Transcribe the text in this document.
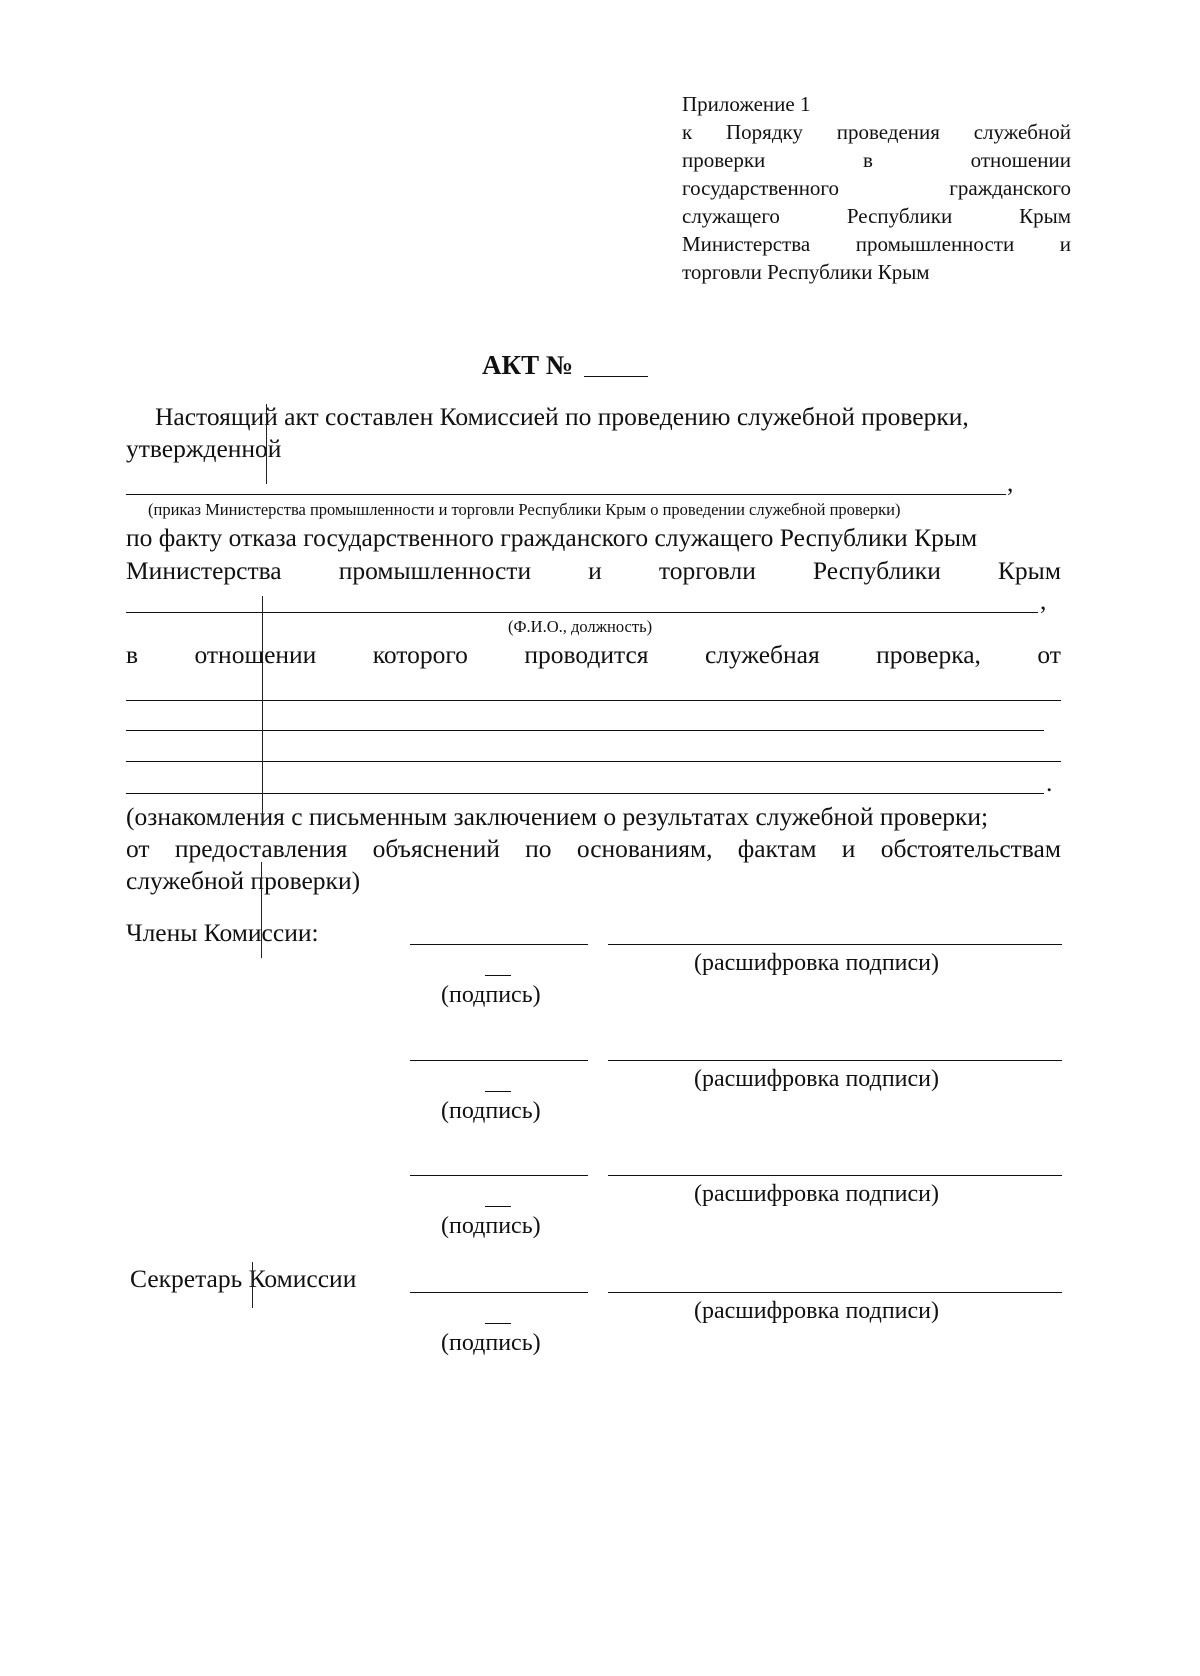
Приложение 1
к Порядку проведения служебной
проверки	в	отношении
государственного	гражданского
служащего	Республики	Крым
Министерства промышленности и
торговли Республики Крым
АКТ №
Настоящий акт составлен Комиссией по проведению служебной проверки,
утвержденной
,
(приказ Министерства промышленности и торговли Республики Крым о проведении служебной проверки)
по факту отказа государственного гражданского служащего Республики Крым
Министерства промышленности и торговли Республики Крым
,
(Ф.И.О., должность)
в отношении которого проводится служебная проверка, от
.
(ознакомления с письменным заключением о результатах служебной проверки;
от предоставления объяснений по основаниям, фактам и обстоятельствам
служебной проверки)
Члены Комиссии:
(расшифровка подписи)
(подпись)
(расшифровка подписи)
(подпись)
(расшифровка подписи)
(подпись)
Секретарь Комиссии
(расшифровка подписи)
(подпись)
